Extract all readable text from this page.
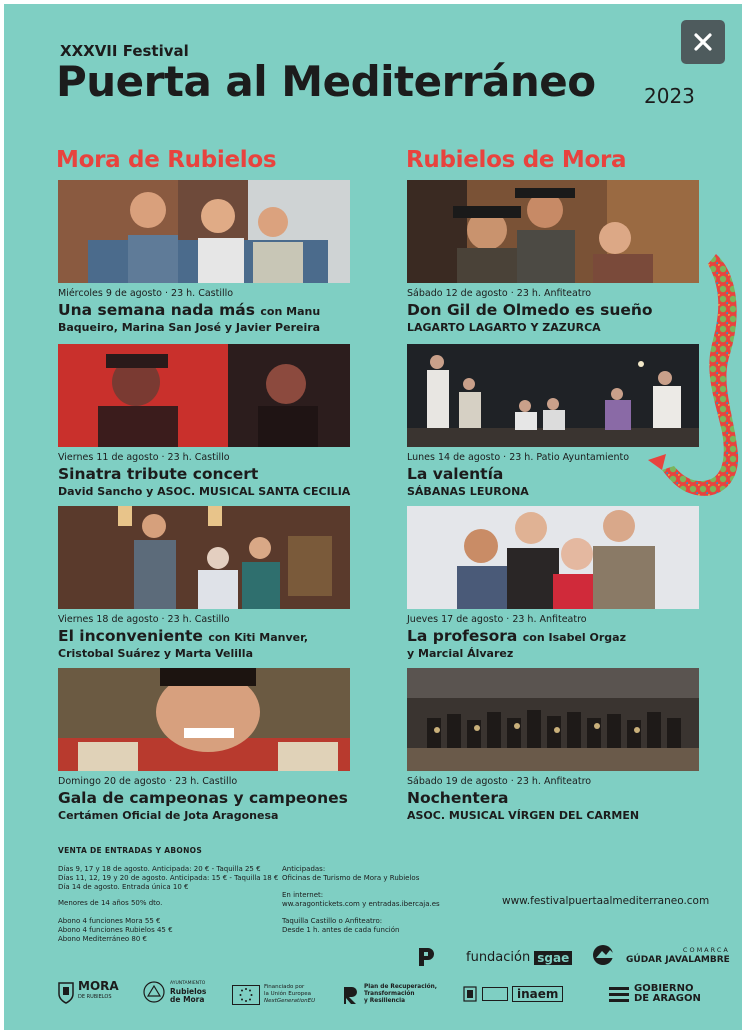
XXXVII Festival
Puerta al Mediterráneo 2023
Mora de Rubielos	Rubielos de Mora
Miércoles 9 de agosto · 23 h. Castillo
Una semana nada más con Manu
Baqueiro, Marina San José y Javier Pereira
Viernes 11 de agosto · 23 h. Castillo
Sinatra tribute concert
David Sancho y ASOC. MUSICAL SANTA CECILIA
Viernes 18 de agosto · 23 h. Castillo
El inconveniente con Kiti Manver,
Cristobal Suárez y Marta Velilla
Domingo 20 de agosto · 23 h. Castillo
Gala de campeonas y campeones
Certámen Oficial de Jota Aragonesa
Sábado 12 de agosto · 23 h. Anfiteatro
Don Gil de Olmedo es sueño
LAGARTO LAGARTO Y ZAZURCA
Lunes 14 de agosto · 23 h. Patio Ayuntamiento
La valentía
SÁBANAS LEURONA
Jueves 17 de agosto · 23 h. Anfiteatro
La profesora con Isabel Orgaz
y Marcial Álvarez
Sábado 19 de agosto · 23 h. Anfiteatro
Nochentera
ASOC. MUSICAL VÍRGEN DEL CARMEN
VENTA DE ENTRADAS Y ABONOS
Días 9, 17 y 18 de agosto. Anticipada: 20 € - Taquilla 25 €
Días 11, 12, 19 y 20 de agosto. Anticipada: 15 € - Taquilla 18 €
Día 14 de agosto. Entrada única 10 €
Menores de 14 años 50% dto.
Abono 4 funciones Mora 55 €
Abono 4 funciones Rubielos 45 €
Abono Mediterráneo 80 €
Anticipadas:
Oficinas de Turismo de Mora y Rubielos
En internet:
ww.aragontickets.com y entradas.ibercaja.es
Taquilla Castillo o Anfiteatro:
Desde 1 h. antes de cada función
www.festivalpuertaalmediterraneo.com
fundación sgae
COMARCA
GÚDAR JAVALAMBRE
MORA
DE RUBIELOS
AYUNTAMIENTO
Rubielos
de Mora
Financiado por
la Unión Europea
NextGenerationEU
Plan de Recuperación,
Transformación
y Resiliencia	inaem	GOBIERNO
DE ARAGON
